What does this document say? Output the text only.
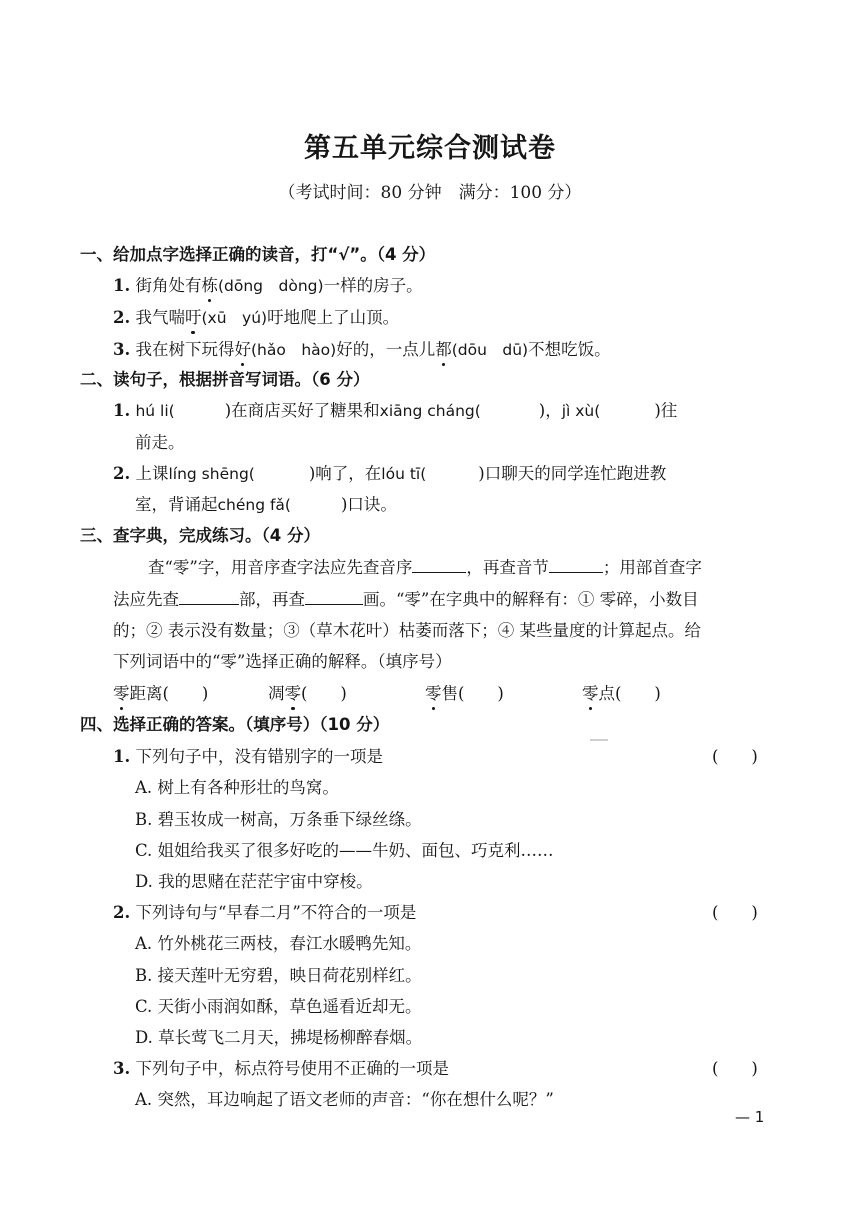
第五单元综合测试卷
（考试时间：80 分钟　满分：100 分）
一、给加点字选择正确的读音，打“√”。（4 分）
1. 街角处有栋(dōng　dòng)一样的房子。
2. 我气喘吁(xū　yú)吁地爬上了山顶。
3. 我在树下玩得好(hǎo　hào)好的，一点儿都(dōu　dū)不想吃饭。
二、读句子，根据拼音写词语。（6 分）
1. hú li(	)在商店买好了糖果和xiāng cháng(	)，jì xù(	)往
前走。
2. 上课líng shēng(	)响了，在lóu tī(	)口聊天的同学连忙跑进教
室，背诵起chéng fǎ(	)口诀。
三、查字典，完成练习。（4 分）
查“零”字，用音序查字法应先查音序	，再查音节	；用部首查字
法应先查	部，再查	画。“零”在字典中的解释有：① 零碎，小数目
的；② 表示没有数量；③（草木花叶）枯萎而落下；④ 某些量度的计算起点。给
下列词语中的“零”选择正确的解释。（填序号）
零距离(　　)	凋零(　　)	零售(　　)	零点(　　)
四、选择正确的答案。（填序号）（10 分）
1. 下列句子中，没有错别字的一项是	(　　)
A. 树上有各种形壮的鸟窝。
B. 碧玉妆成一树高，万条垂下绿丝绦。
C. 姐姐给我买了很多好吃的——牛奶、面包、巧克利……
D. 我的思赌在茫茫宇宙中穿梭。
2. 下列诗句与“早春二月”不符合的一项是	(　　)
A. 竹外桃花三两枝，春江水暖鸭先知。
B. 接天莲叶无穷碧，映日荷花别样红。
C. 天街小雨润如酥，草色遥看近却无。
D. 草长莺飞二月天，拂堤杨柳醉春烟。
3. 下列句子中，标点符号使用不正确的一项是	(　　)
A. 突然，耳边响起了语文老师的声音：“你在想什么呢？”
— 1
